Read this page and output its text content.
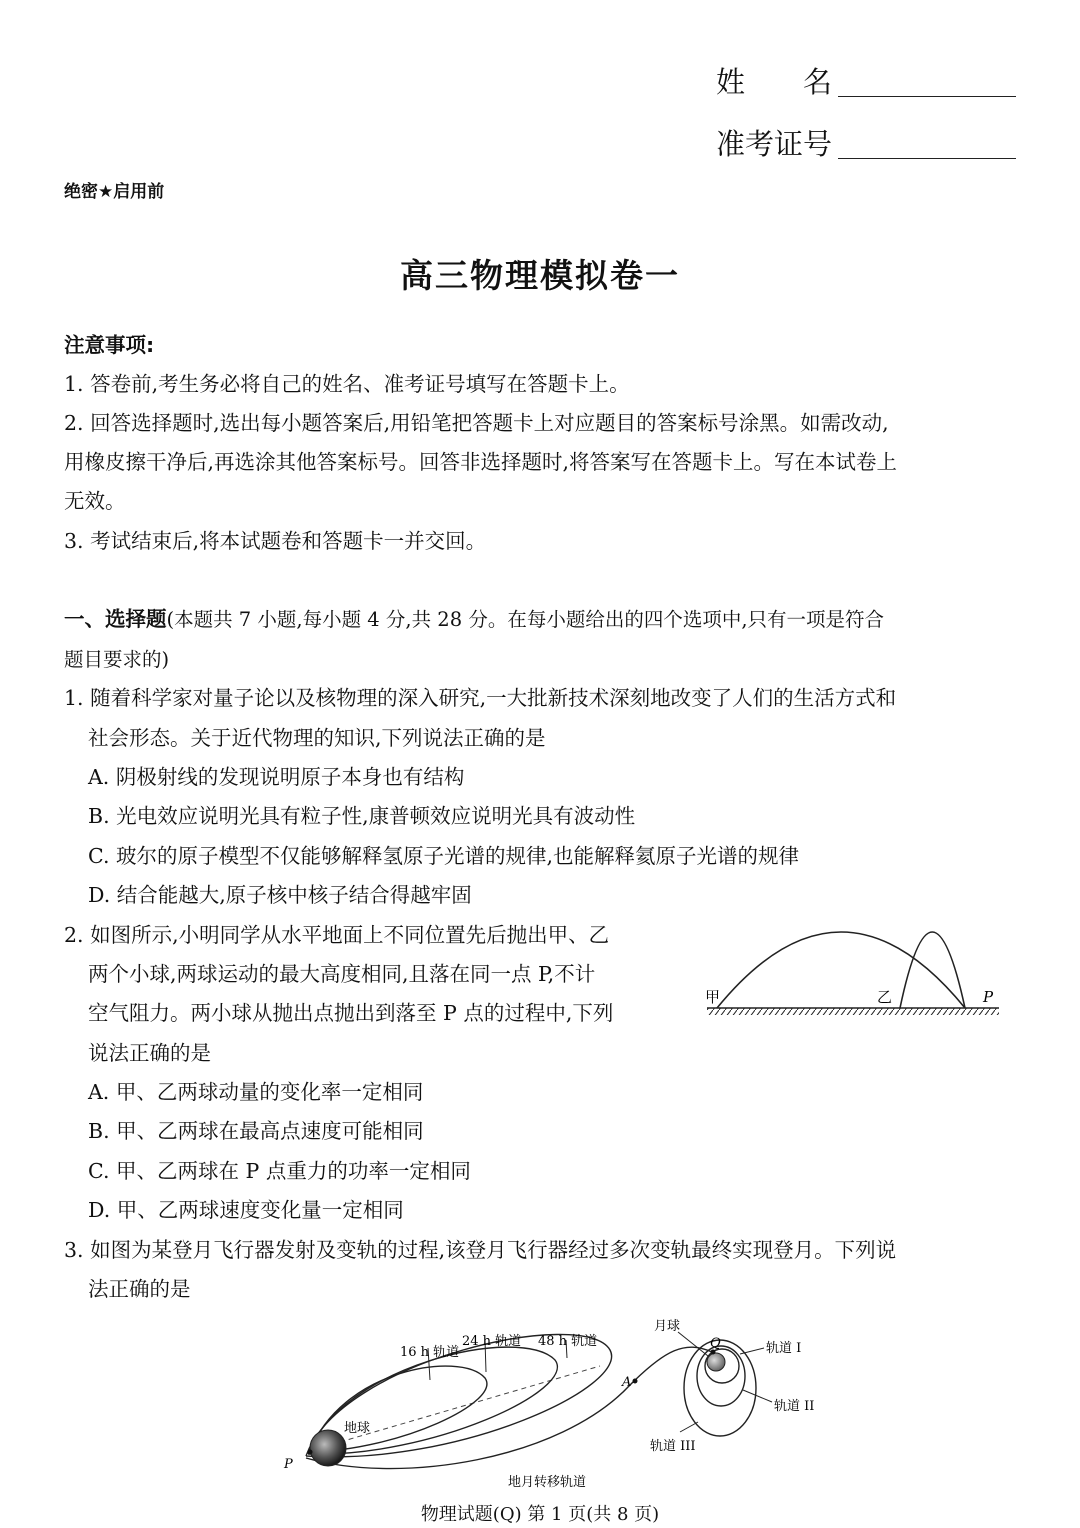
姓　　名
准考证号
绝密★启用前
高三物理模拟卷一
注意事项:
1. 答卷前,考生务必将自己的姓名、准考证号填写在答题卡上。
2. 回答选择题时,选出每小题答案后,用铅笔把答题卡上对应题目的答案标号涂黑。如需改动,
用橡皮擦干净后,再选涂其他答案标号。回答非选择题时,将答案写在答题卡上。写在本试卷上
无效。
3. 考试结束后,将本试题卷和答题卡一并交回。
一、选择题(本题共 7 小题,每小题 4 分,共 28 分。在每小题给出的四个选项中,只有一项是符合
题目要求的)
1. 随着科学家对量子论以及核物理的深入研究,一大批新技术深刻地改变了人们的生活方式和
社会形态。关于近代物理的知识,下列说法正确的是
A. 阴极射线的发现说明原子本身也有结构
B. 光电效应说明光具有粒子性,康普顿效应说明光具有波动性
C. 玻尔的原子模型不仅能够解释氢原子光谱的规律,也能解释氦原子光谱的规律
D. 结合能越大,原子核中核子结合得越牢固
2. 如图所示,小明同学从水平地面上不同位置先后抛出甲、乙
两个小球,两球运动的最大高度相同,且落在同一点 P,不计
空气阻力。两小球从抛出点抛出到落至 P 点的过程中,下列
说法正确的是
A. 甲、乙两球动量的变化率一定相同
B. 甲、乙两球在最高点速度可能相同
C. 甲、乙两球在 P 点重力的功率一定相同
D. 甲、乙两球速度变化量一定相同
甲	乙	P
3. 如图为某登月飞行器发射及变轨的过程,该登月飞行器经过多次变轨最终实现登月。下列说
法正确的是
16 h 轨道
24 h 轨道 48 h 轨道
月球
Q
A
P
地球
轨道 I
轨道 II
轨道 III
地月转移轨道
物理试题(Q) 第 1 页(共 8 页)
